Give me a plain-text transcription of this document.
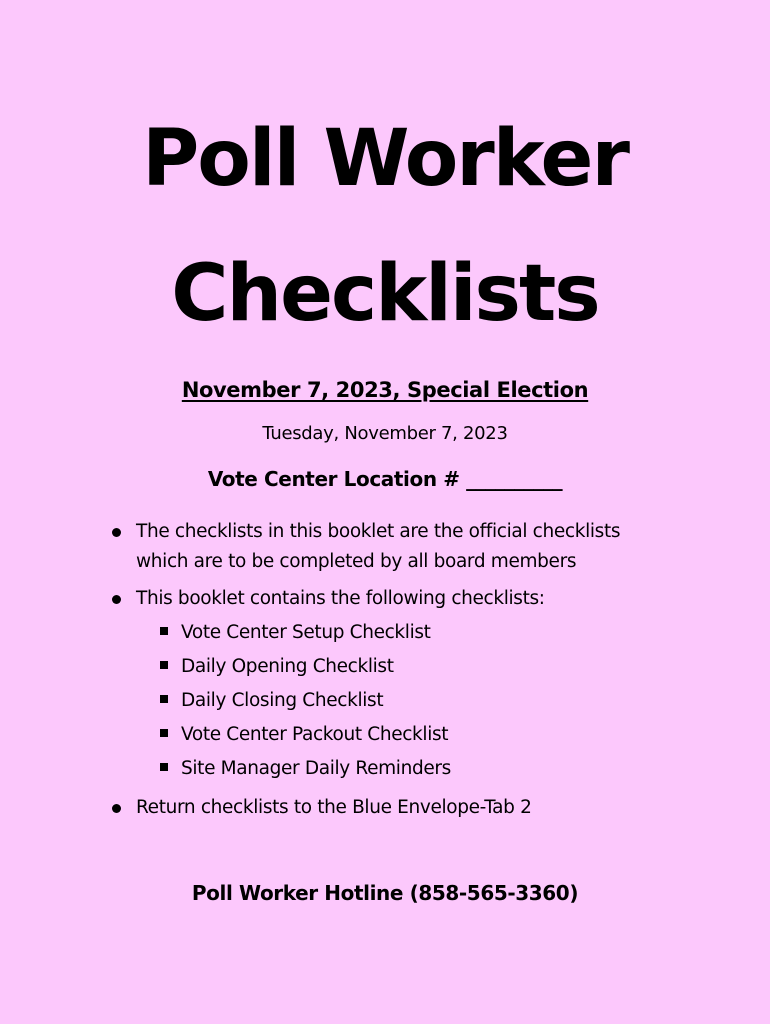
Poll Worker
Checklists
November 7, 2023, Special Election
Tuesday, November 7, 2023
Vote Center Location # __________
The checklists in this booklet are the official checklists which are to be completed by all board members
This booklet contains the following checklists:
Vote Center Setup Checklist
Daily Opening Checklist
Daily Closing Checklist
Vote Center Packout Checklist
Site Manager Daily Reminders
Return checklists to the Blue Envelope-Tab 2
Poll Worker Hotline (858-565-3360)
